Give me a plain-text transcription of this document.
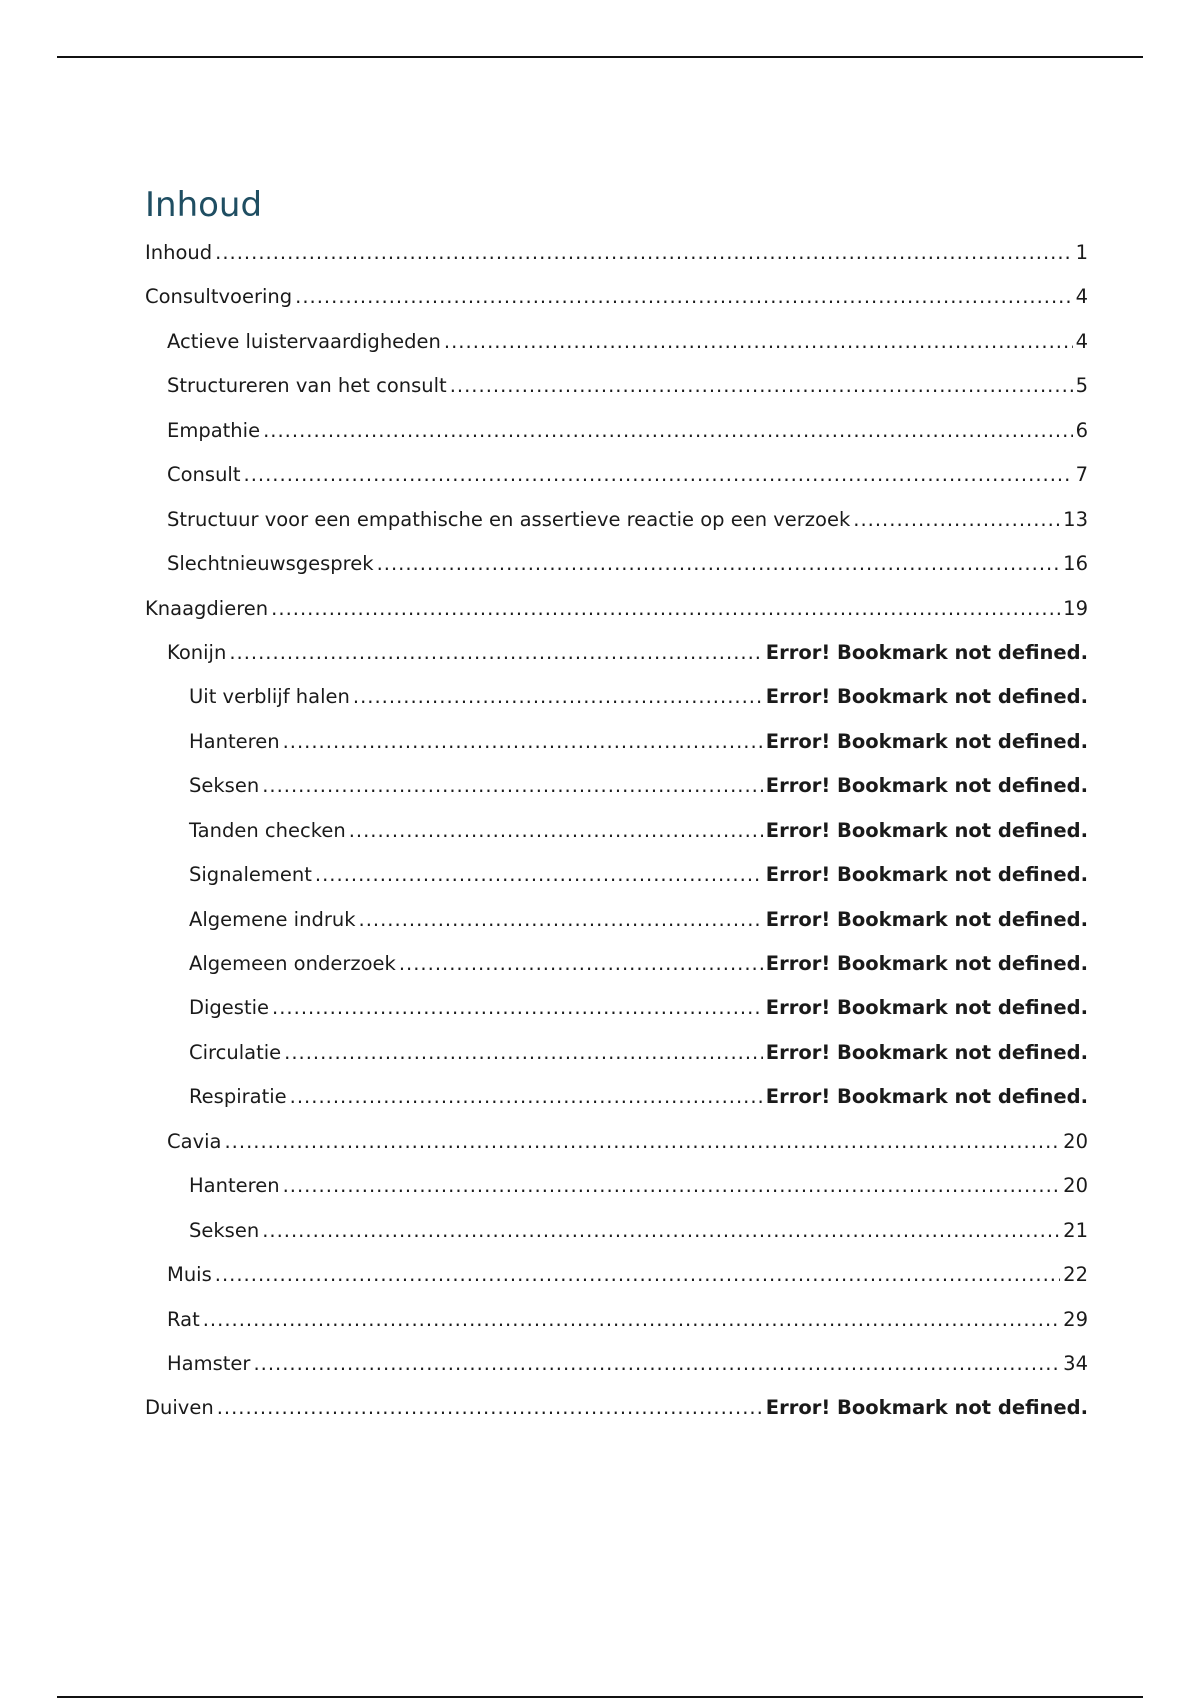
Inhoud
Inhoud .....	1
Consultvoering .....	4
Actieve luistervaardigheden .....	4
Structureren van het consult .....	5
Empathie .....	6
Consult .....	7
Structuur voor een empathische en assertieve reactie op een verzoek .....	13
Slechtnieuwsgesprek .....	16
Knaagdieren .....	19
Konijn .....	Error! Bookmark not defined.
Uit verblijf halen .....	Error! Bookmark not defined.
Hanteren .....	Error! Bookmark not defined.
Seksen .....	Error! Bookmark not defined.
Tanden checken .....	Error! Bookmark not defined.
Signalement .....	Error! Bookmark not defined.
Algemene indruk .....	Error! Bookmark not defined.
Algemeen onderzoek .....	Error! Bookmark not defined.
Digestie .....	Error! Bookmark not defined.
Circulatie .....	Error! Bookmark not defined.
Respiratie .....	Error! Bookmark not defined.
Cavia .....	20
Hanteren .....	20
Seksen .....	21
Muis .....	22
Rat .....	29
Hamster .....	34
Duiven .....	Error! Bookmark not defined.
